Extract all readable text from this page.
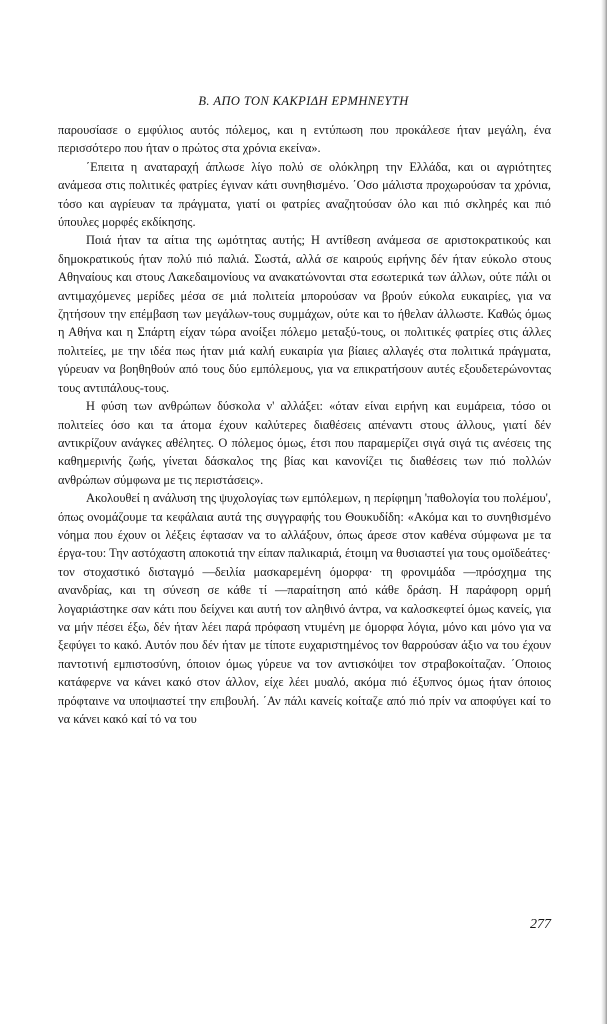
B. ΑΠΟ ΤΟΝ ΚΑΚΡΙΔΗ ΕΡΜΗΝΕΥΤΗ

παρουσίασε ο εμφύλιος αυτός πόλεμος, και η εντύπωση που προκάλεσε ήταν μεγάλη, ένα περισσότερο που ήταν ο πρώτος στα χρόνια εκείνα».

΄Επειτα η αναταραχή άπλωσε λίγο πολύ σε ολόκληρη την Ελλάδα, και οι αγριότητες ανάμεσα στις πολιτικές φατρίες έγιναν κάτι συνηθισμένο. ΄Οσο μάλιστα προχωρούσαν τα χρόνια, τόσο και αγρίευαν τα πράγματα, γιατί οι φατρίες αναζητούσαν όλο και πιό σκληρές και πιό ύπουλες μορφές εκδίκησης.

Ποιά ήταν τα αίτια της ωμότητας αυτής; Η αντίθεση ανάμεσα σε αριστοκρατικούς και δημοκρατικούς ήταν πολύ πιό παλιά. Σωστά, αλλά σε καιρούς ειρήνης δέν ήταν εύκολο στους Αθηναίους και στους Λακεδαιμονίους να ανακατώνονται στα εσωτερικά των άλλων, ούτε πάλι οι αντιμαχόμενες μερίδες μέσα σε μιά πολιτεία μπορούσαν να βρούν εύκολα ευκαιρίες, για να ζητήσουν την επέμβαση των μεγάλων-τους συμμάχων, ούτε και το ήθελαν άλλωστε. Καθώς όμως η Αθήνα και η Σπάρτη είχαν τώρα ανοίξει πόλεμο μεταξύ-τους, οι πολιτικές φατρίες στις άλλες πολιτείες, με την ιδέα πως ήταν μιά καλή ευκαιρία για βίαιες αλλαγές στα πολιτικά πράγματα, γύρευαν να βοηθηθούν από τους δύο εμπόλεμους, για να επικρατήσουν αυτές εξουδετερώνοντας τους αντιπάλους-τους.

Η φύση των ανθρώπων δύσκολα ν' αλλάξει: «όταν είναι ειρήνη και ευμάρεια, τόσο οι πολιτείες όσο και τα άτομα έχουν καλύτερες διαθέσεις απέναντι στους άλλους, γιατί δέν αντικρίζουν ανάγκες αθέλητες. Ο πόλεμος όμως, έτσι που παραμερίζει σιγά σιγά τις ανέσεις της καθημερινής ζωής, γίνεται δάσκαλος της βίας και κανονίζει τις διαθέσεις των πιό πολλών ανθρώπων σύμφωνα με τις περιστάσεις».

Ακολουθεί η ανάλυση της ψυχολογίας των εμπόλεμων, η περίφημη 'παθολογία του πολέμου', όπως ονομάζουμε τα κεφάλαια αυτά της συγγραφής του Θουκυδίδη: «Ακόμα και το συνηθισμένο νόημα που έχουν οι λέξεις έφτασαν να το αλλάξουν, όπως άρεσε στον καθένα σύμφωνα με τα έργα-του: Την αστόχαστη αποκοτιά την είπαν παλικαριά, έτοιμη να θυσιαστεί για τους ομοϊδεάτες· τον στοχαστικό δισταγμό —δειλία μασκαρεμένη όμορφα· τη φρονιμάδα —πρόσχημα της ανανδρίας, και τη σύνεση σε κάθε τί —παραίτηση από κάθε δράση. Η παράφορη ορμή λογαριάστηκε σαν κάτι που δείχνει και αυτή τον αληθινό άντρα, να καλοσκεφτεί όμως κανείς, για να μήν πέσει έξω, δέν ήταν λέει παρά πρόφαση ντυμένη με όμορφα λόγια, μόνο και μόνο για να ξεφύγει το κακό. Αυτόν που δέν ήταν με τίποτε ευχαριστημένος τον θαρρούσαν άξιο να του έχουν παντοτινή εμπιστοσύνη, όποιον όμως γύρευε να τον αντισκόψει τον στραβοκοίταζαν. ΄Οποιος κατάφερνε να κάνει κακό στον άλλον, είχε λέει μυαλό, ακόμα πιό έξυπνος όμως ήταν όποιος πρόφταινε να υποψιαστεί την επιβουλή. ΄Αν πάλι κανείς κοίταζε από πιό πρίν να αποφύγει καί το να κάνει κακό καί τό να του

277
